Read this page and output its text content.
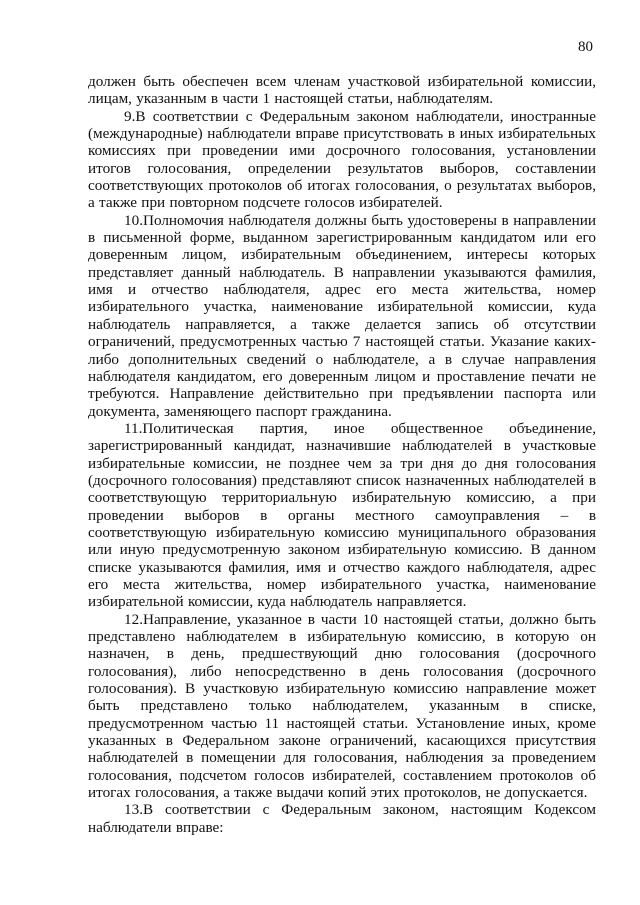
80

должен быть обеспечен всем членам участковой избирательной комиссии, лицам, указанным в части 1 настоящей статьи, наблюдателям.

9.В соответствии с Федеральным законом наблюдатели, иностранные (международные) наблюдатели вправе присутствовать в иных избирательных комиссиях при проведении ими досрочного голосования, установлении итогов голосования, определении результатов выборов, составлении соответствующих протоколов об итогах голосования, о результатах выборов, а также при повторном подсчете голосов избирателей.

10.Полномочия наблюдателя должны быть удостоверены в направлении в письменной форме, выданном зарегистрированным кандидатом или его доверенным лицом, избирательным объединением, интересы которых представляет данный наблюдатель. В направлении указываются фамилия, имя и отчество наблюдателя, адрес его места жительства, номер избирательного участка, наименование избирательной комиссии, куда наблюдатель направляется, а также делается запись об отсутствии ограничений, предусмотренных частью 7 настоящей статьи. Указание каких-либо дополнительных сведений о наблюдателе, а в случае направления наблюдателя кандидатом, его доверенным лицом и проставление печати не требуются. Направление действительно при предъявлении паспорта или документа, заменяющего паспорт гражданина.

11.Политическая партия, иное общественное объединение, зарегистрированный кандидат, назначившие наблюдателей в участковые избирательные комиссии, не позднее чем за три дня до дня голосования (досрочного голосования) представляют список назначенных наблюдателей в соответствующую территориальную избирательную комиссию, а при проведении выборов в органы местного самоуправления – в соответствующую избирательную комиссию муниципального образования или иную предусмотренную законом избирательную комиссию. В данном списке указываются фамилия, имя и отчество каждого наблюдателя, адрес его места жительства, номер избирательного участка, наименование избирательной комиссии, куда наблюдатель направляется.

12.Направление, указанное в части 10 настоящей статьи, должно быть представлено наблюдателем в избирательную комиссию, в которую он назначен, в день, предшествующий дню голосования (досрочного голосования), либо непосредственно в день голосования (досрочного голосования). В участковую избирательную комиссию направление может быть представлено только наблюдателем, указанным в списке, предусмотренном частью 11 настоящей статьи. Установление иных, кроме указанных в Федеральном законе ограничений, касающихся присутствия наблюдателей в помещении для голосования, наблюдения за проведением голосования, подсчетом голосов избирателей, составлением протоколов об итогах голосования, а также выдачи копий этих протоколов, не допускается.

13.В соответствии с Федеральным законом, настоящим Кодексом наблюдатели вправе:
